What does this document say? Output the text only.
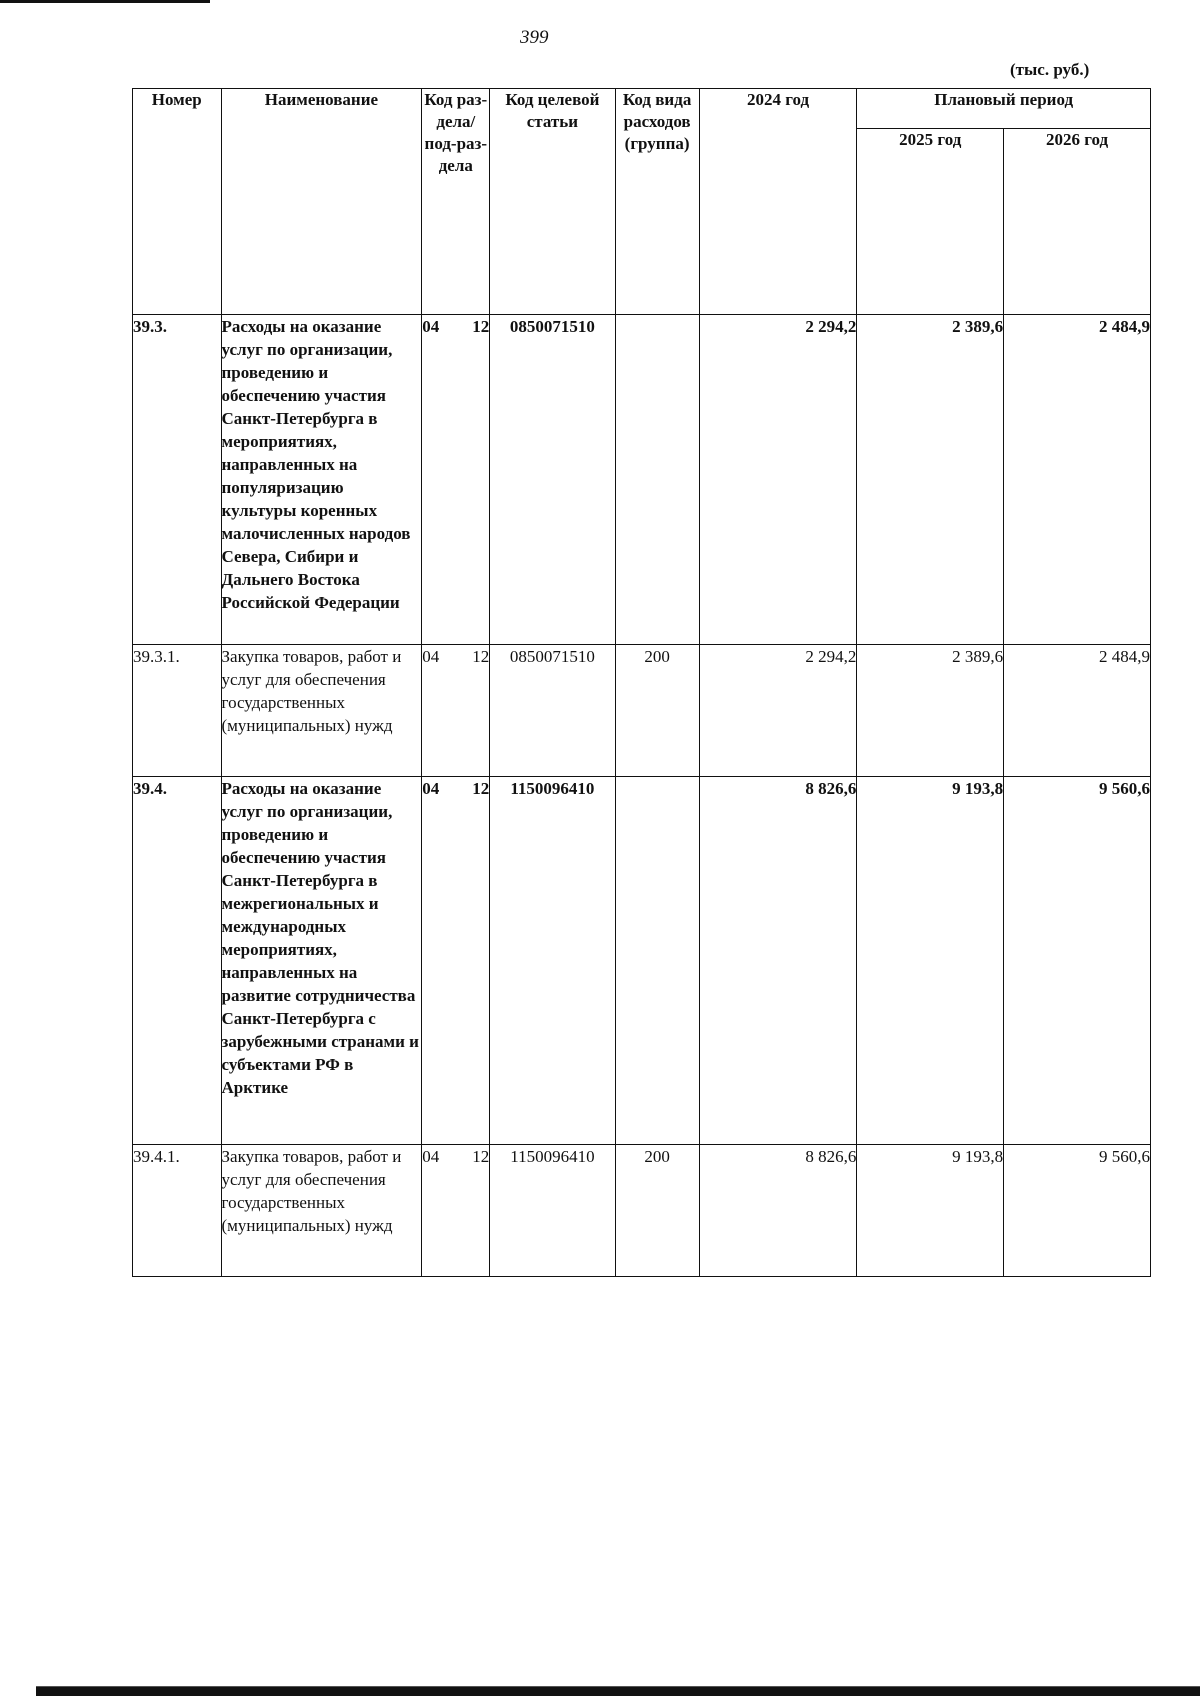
399
(тыс. руб.)
Номер	Наименование	Код раз-дела/ под-раз-дела	Код целевой статьи	Код вида расходов (группа)	2024 год	Плановый период	
						2025 год	2026 год
39.3.	Расходы на оказание услуг по организации, проведению и обеспечению участия Санкт-Петербурга в мероприятиях, направленных на популяризацию культуры коренных малочисленных народов Севера, Сибири и Дальнего Востока Российской Федерации	04 12	0850071510		2 294,2	2 389,6	2 484,9
39.3.1.	Закупка товаров, работ и услуг для обеспечения государственных (муниципальных) нужд	04 12	0850071510	200	2 294,2	2 389,6	2 484,9
39.4.	Расходы на оказание услуг по организации, проведению и обеспечению участия Санкт-Петербурга в межрегиональных и международных мероприятиях, направленных на развитие сотрудничества Санкт-Петербурга с зарубежными странами и субъектами РФ в Арктике	04 12	1150096410		8 826,6	9 193,8	9 560,6
39.4.1.	Закупка товаров, работ и услуг для обеспечения государственных (муниципальных) нужд	04 12	1150096410	200	8 826,6	9 193,8	9 560,6
